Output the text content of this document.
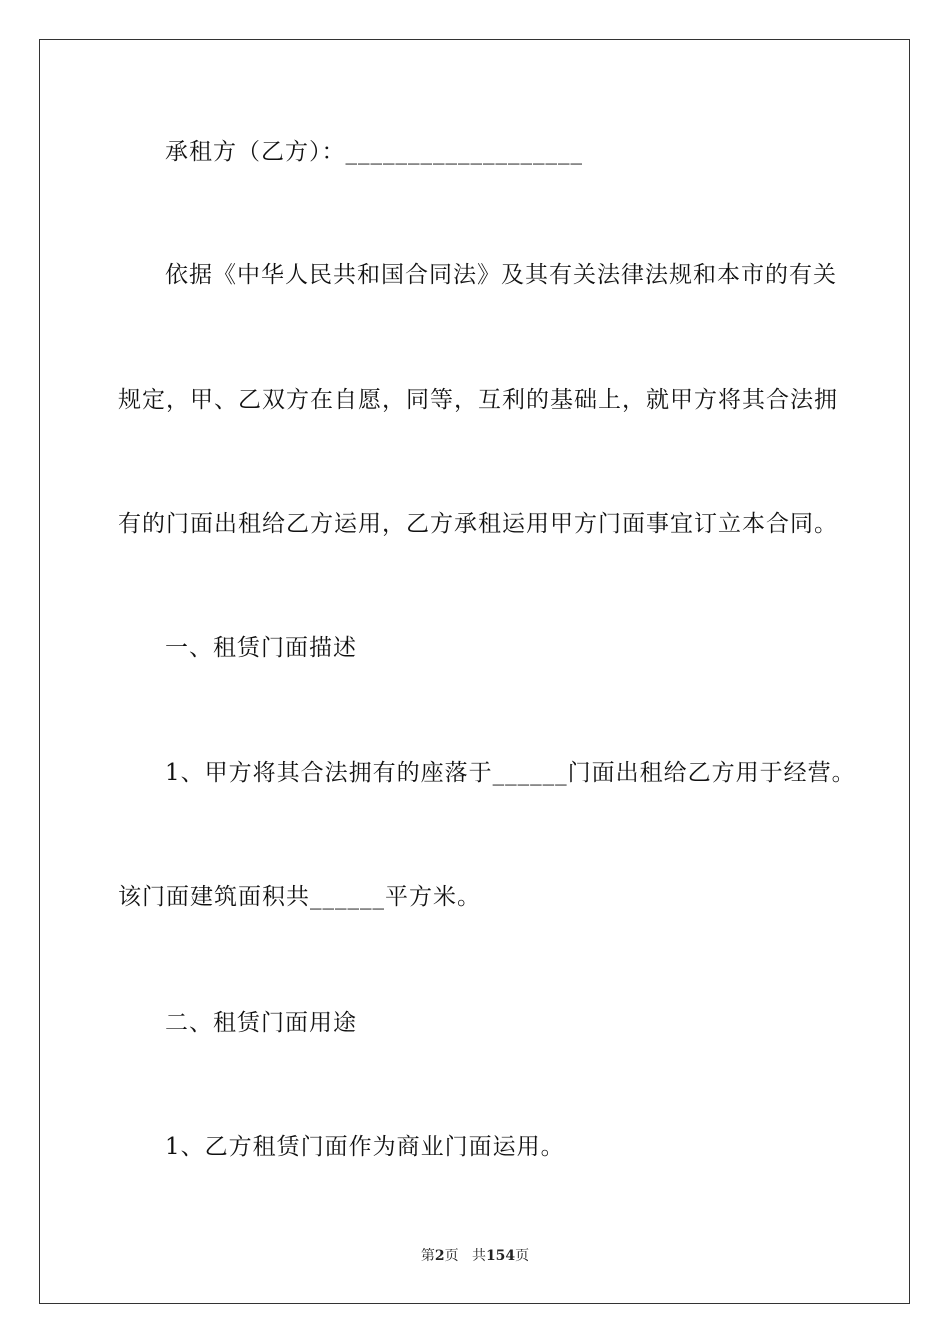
承租方（乙方）：___________________
依据《中华人民共和国合同法》及其有关法律法规和本市的有关
规定，甲、乙双方在自愿，同等，互利的基础上，就甲方将其合法拥
有的门面出租给乙方运用，乙方承租运用甲方门面事宜订立本合同。
一、租赁门面描述
1、甲方将其合法拥有的座落于______门面出租给乙方用于经营。
该门面建筑面积共______平方米。
二、租赁门面用途
1、乙方租赁门面作为商业门面运用。
第2页 共154页
